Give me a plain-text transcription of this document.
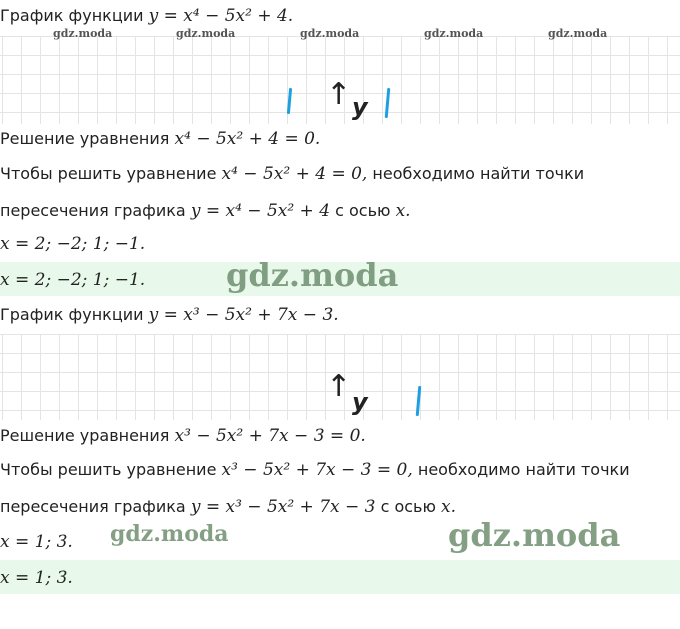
График функции y = x⁴ − 5x² + 4.
gdz.moda	gdz.moda	gdz.moda	gdz.moda	gdz.moda
↑ y
Решение уравнения x⁴ − 5x² + 4 = 0.
Чтобы решить уравнение x⁴ − 5x² + 4 = 0, необходимо найти точки
пересечения графика y = x⁴ − 5x² + 4 с осью x.
x = 2; −2; 1; −1.
x = 2; −2; 1; −1.	gdz.moda
График функции y = x³ − 5x² + 7x − 3.
↑ y
Решение уравнения x³ − 5x² + 7x − 3 = 0.
Чтобы решить уравнение x³ − 5x² + 7x − 3 = 0, необходимо найти точки
пересечения графика y = x³ − 5x² + 7x − 3 с осью x.
x = 1; 3. gdz.moda	gdz.moda
x = 1; 3.
